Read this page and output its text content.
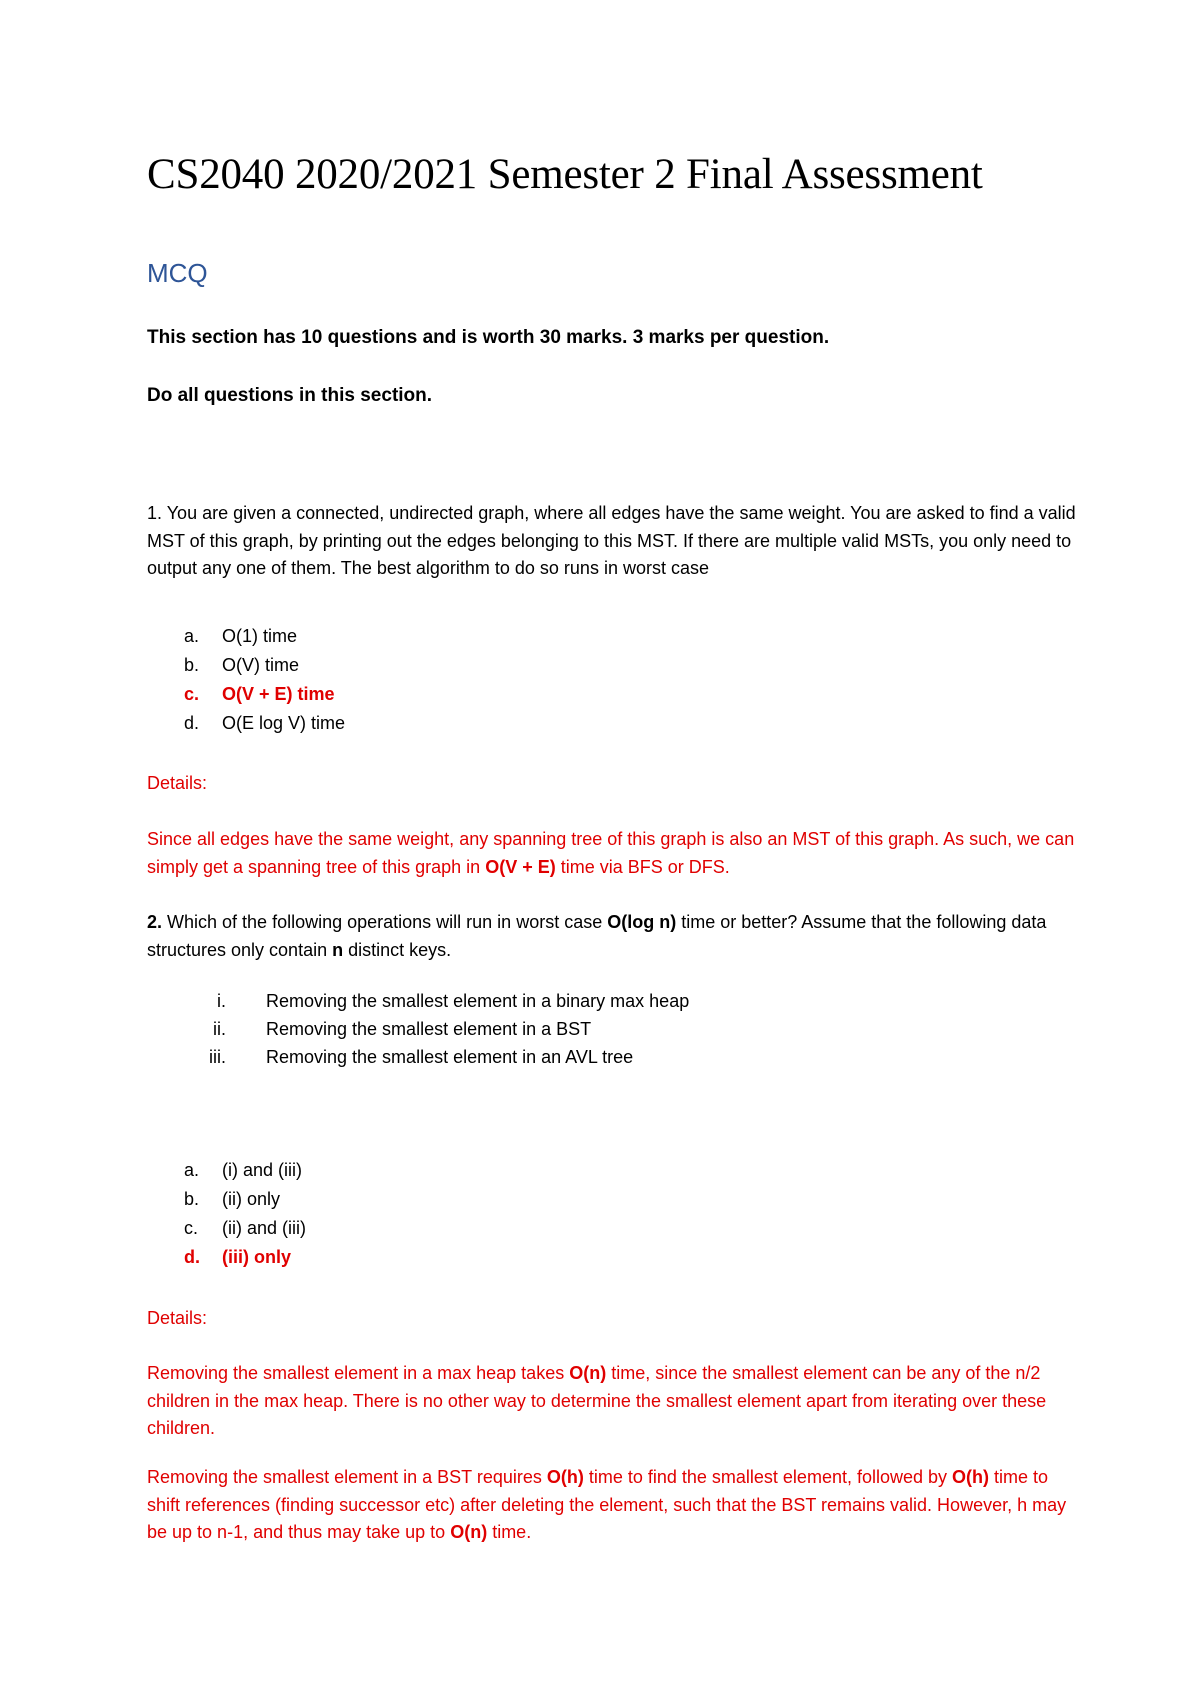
CS2040 2020/2021 Semester 2 Final Assessment
MCQ
This section has 10 questions and is worth 30 marks. 3 marks per question.
Do all questions in this section.
1. You are given a connected, undirected graph, where all edges have the same weight. You are asked to find a valid MST of this graph, by printing out the edges belonging to this MST. If there are multiple valid MSTs, you only need to output any one of them. The best algorithm to do so runs in worst case
a. O(1) time
b. O(V) time
c. O(V + E) time
d. O(E log V) time
Details:
Since all edges have the same weight, any spanning tree of this graph is also an MST of this graph. As such, we can simply get a spanning tree of this graph in O(V + E) time via BFS or DFS.
2. Which of the following operations will run in worst case O(log n) time or better? Assume that the following data structures only contain n distinct keys.
i. Removing the smallest element in a binary max heap
ii. Removing the smallest element in a BST
iii. Removing the smallest element in an AVL tree
a. (i) and (iii)
b. (ii) only
c. (ii) and (iii)
d. (iii) only
Details:
Removing the smallest element in a max heap takes O(n) time, since the smallest element can be any of the n/2 children in the max heap. There is no other way to determine the smallest element apart from iterating over these children.
Removing the smallest element in a BST requires O(h) time to find the smallest element, followed by O(h) time to shift references (finding successor etc) after deleting the element, such that the BST remains valid. However, h may be up to n-1, and thus may take up to O(n) time.
